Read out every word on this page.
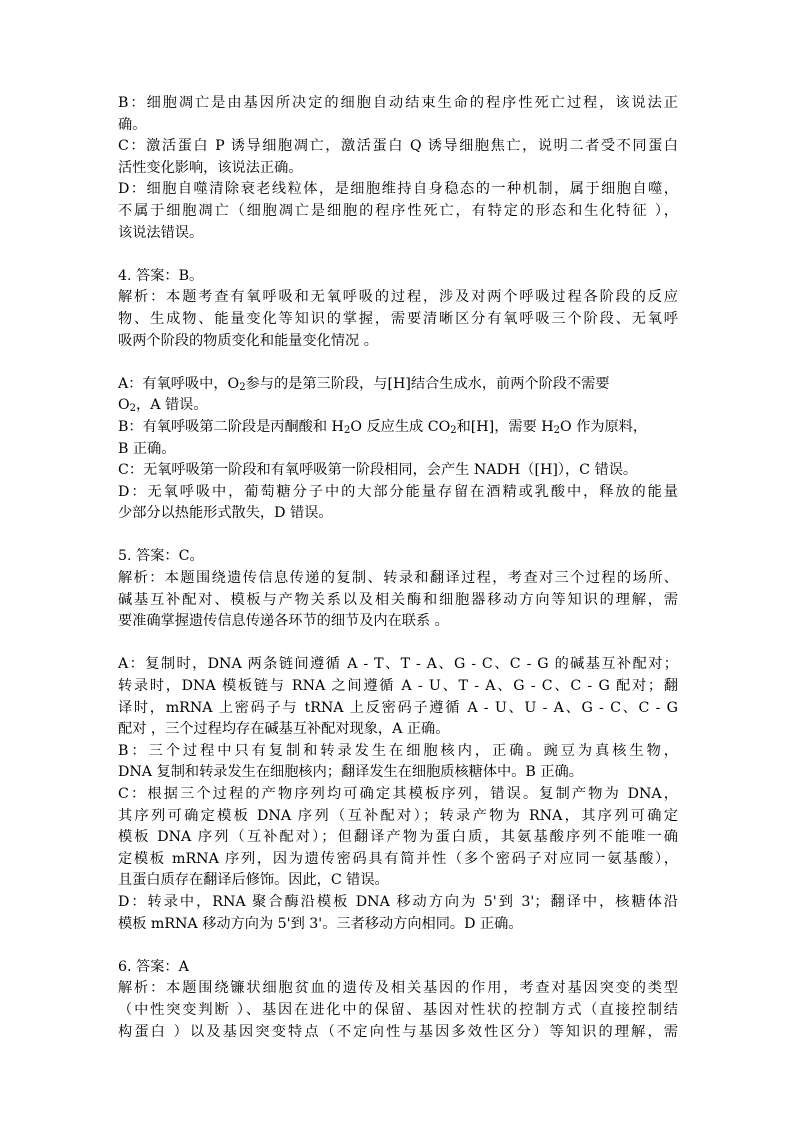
B：细胞凋亡是由基因所决定的细胞自动结束生命的程序性死亡过程，该说法正
确。
C：激活蛋白 P 诱导细胞凋亡，激活蛋白 Q 诱导细胞焦亡，说明二者受不同蛋白
活性变化影响，该说法正确。
D：细胞自噬清除衰老线粒体，是细胞维持自身稳态的一种机制，属于细胞自噬，
不属于细胞凋亡（细胞凋亡是细胞的程序性死亡，有特定的形态和生化特征 ），
该说法错误。
4. 答案：B。
解析：本题考查有氧呼吸和无氧呼吸的过程，涉及对两个呼吸过程各阶段的反应
物、生成物、能量变化等知识的掌握，需要清晰区分有氧呼吸三个阶段、无氧呼
吸两个阶段的物质变化和能量变化情况 。
A：有氧呼吸中，$O_2$参与的是第三阶段，与[H]结合生成水，前两个阶段不需要
$O_2$，A 错误。
B：有氧呼吸第二阶段是丙酮酸和 $H_2O$ 反应生成 $CO_2$和[H]，需要 $H_2O$ 作为原料，
B 正确。
C：无氧呼吸第一阶段和有氧呼吸第一阶段相同，会产生 NADH（[H]），C 错误。
D：无氧呼吸中，葡萄糖分子中的大部分能量存留在酒精或乳酸中，释放的能量
少部分以热能形式散失，D 错误。
5. 答案：C。
解析：本题围绕遗传信息传递的复制、转录和翻译过程，考查对三个过程的场所、
碱基互补配对、模板与产物关系以及相关酶和细胞器移动方向等知识的理解，需
要准确掌握遗传信息传递各环节的细节及内在联系 。
A：复制时，DNA 两条链间遵循 A - T、T - A、G - C、C - G 的碱基互补配对；
转录时，DNA 模板链与 RNA 之间遵循 A - U、T - A、G - C、C - G 配对；翻
译时，mRNA 上密码子与 tRNA 上反密码子遵循 A - U、U - A、G - C、C - G
配对 ，三个过程均存在碱基互补配对现象，A 正确。
B：三个过程中只有复制和转录发生在细胞核内，正确。豌豆为真核生物，
DNA 复制和转录发生在细胞核内；翻译发生在细胞质核糖体中。B 正确。
C：根据三个过程的产物序列均可确定其模板序列，错误。复制产物为 DNA，
其序列可确定模板 DNA 序列（互补配对）；转录产物为 RNA，其序列可确定
模板 DNA 序列（互补配对）；但翻译产物为蛋白质，其氨基酸序列不能唯一确
定模板 mRNA 序列，因为遗传密码具有简并性（多个密码子对应同一氨基酸），
且蛋白质存在翻译后修饰。因此，C 错误。
D：转录中，RNA 聚合酶沿模板 DNA 移动方向为 5'到 3'；翻译中，核糖体沿
模板 mRNA 移动方向为 5'到 3'。三者移动方向相同。D 正确。
6. 答案：A
解析：本题围绕镰状细胞贫血的遗传及相关基因的作用，考查对基因突变的类型
（中性突变判断 ）、基因在进化中的保留、基因对性状的控制方式（直接控制结
构蛋白 ）以及基因突变特点（不定向性与基因多效性区分）等知识的理解，需
